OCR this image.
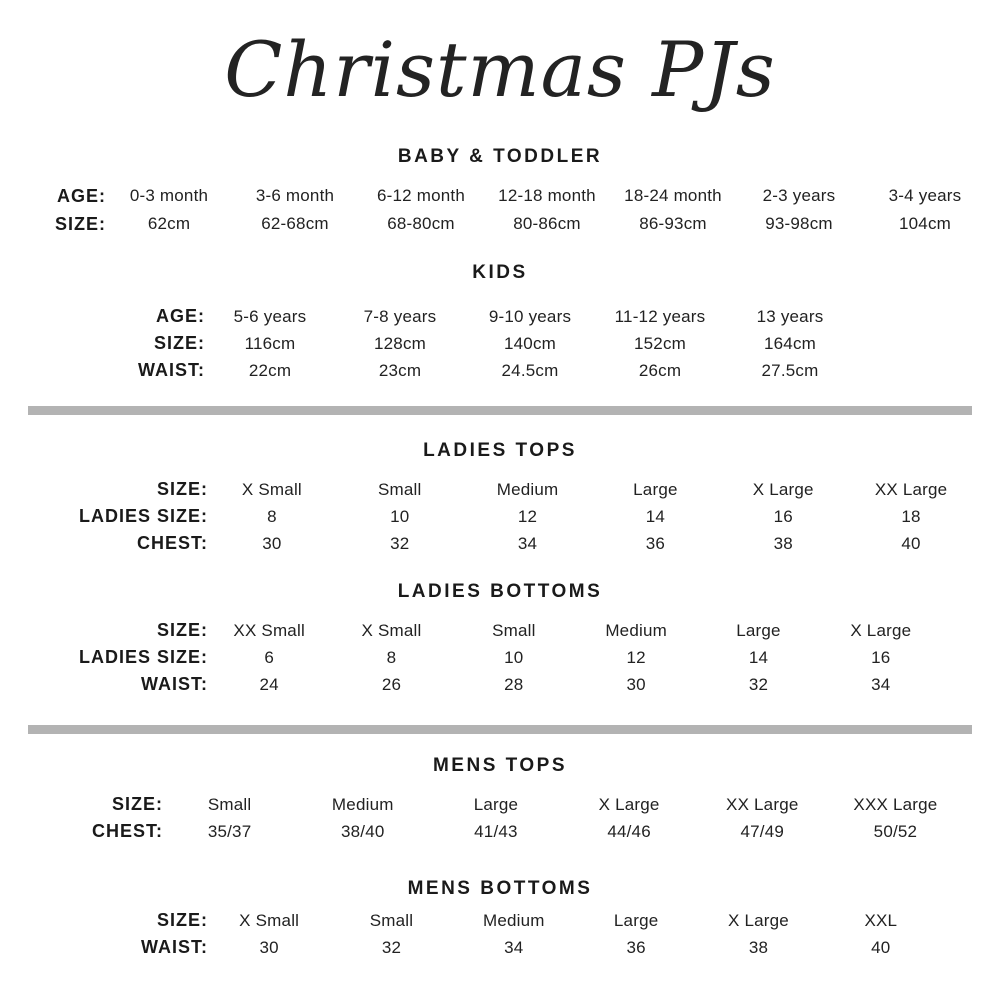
Christmas PJs
BABY & TODDLER
AGE:	0-3 month	3-6 month	6-12 month	12-18 month	18-24 month	2-3 years	3-4 years
SIZE:	62cm	62-68cm	68-80cm	80-86cm	86-93cm	93-98cm	104cm
KIDS
AGE:	5-6 years	7-8 years	9-10 years	11-12 years	13 years
SIZE:	116cm	128cm	140cm	152cm	164cm
WAIST:	22cm	23cm	24.5cm	26cm	27.5cm
LADIES TOPS
SIZE:	X Small	Small	Medium	Large	X Large	XX Large
LADIES SIZE:	8	10	12	14	16	18
CHEST:	30	32	34	36	38	40
LADIES BOTTOMS
SIZE:	XX Small	X Small	Small	Medium	Large	X Large
LADIES SIZE:	6	8	10	12	14	16
WAIST:	24	26	28	30	32	34
MENS TOPS
SIZE:	Small	Medium	Large	X Large	XX Large	XXX Large
CHEST:	35/37	38/40	41/43	44/46	47/49	50/52
MENS BOTTOMS
SIZE:	X Small	Small	Medium	Large	X Large	XXL
WAIST:	30	32	34	36	38	40
